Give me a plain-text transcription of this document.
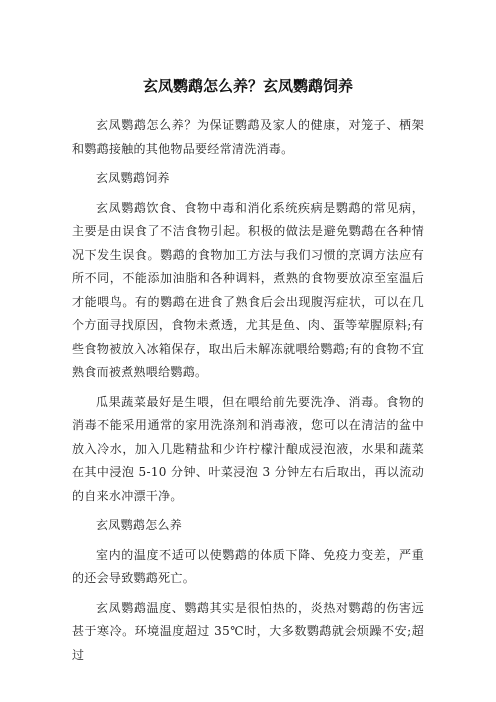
玄凤鹦鹉怎么养？玄凤鹦鹉饲养

玄凤鹦鹉怎么养？为保证鹦鹉及家人的健康，对笼子、栖架和鹦鹉接触的其他物品要经常清洗消毒。

玄凤鹦鹉饲养

玄凤鹦鹉饮食、食物中毒和消化系统疾病是鹦鹉的常见病，主要是由误食了不洁食物引起。积极的做法是避免鹦鹉在各种情况下发生误食。鹦鹉的食物加工方法与我们习惯的烹调方法应有所不同，不能添加油脂和各种调料，煮熟的食物要放凉至室温后才能喂鸟。有的鹦鹉在进食了熟食后会出现腹泻症状，可以在几个方面寻找原因，食物未煮透，尤其是鱼、肉、蛋等荤腥原料;有些食物被放入冰箱保存，取出后未解冻就喂给鹦鹉;有的食物不宜熟食而被煮熟喂给鹦鹉。

瓜果蔬菜最好是生喂，但在喂给前先要洗净、消毒。食物的消毒不能采用通常的家用洗涤剂和消毒液，您可以在清洁的盆中放入冷水，加入几匙精盐和少许柠檬汁酿成浸泡液，水果和蔬菜在其中浸泡 5-10 分钟、叶菜浸泡 3 分钟左右后取出，再以流动的自来水冲漂干净。

玄凤鹦鹉怎么养

室内的温度不适可以使鹦鹉的体质下降、免疫力变差，严重的还会导致鹦鹉死亡。

玄凤鹦鹉温度、鹦鹉其实是很怕热的，炎热对鹦鹉的伤害远甚于寒冷。环境温度超过 35℃时，大多数鹦鹉就会烦躁不安;超过
